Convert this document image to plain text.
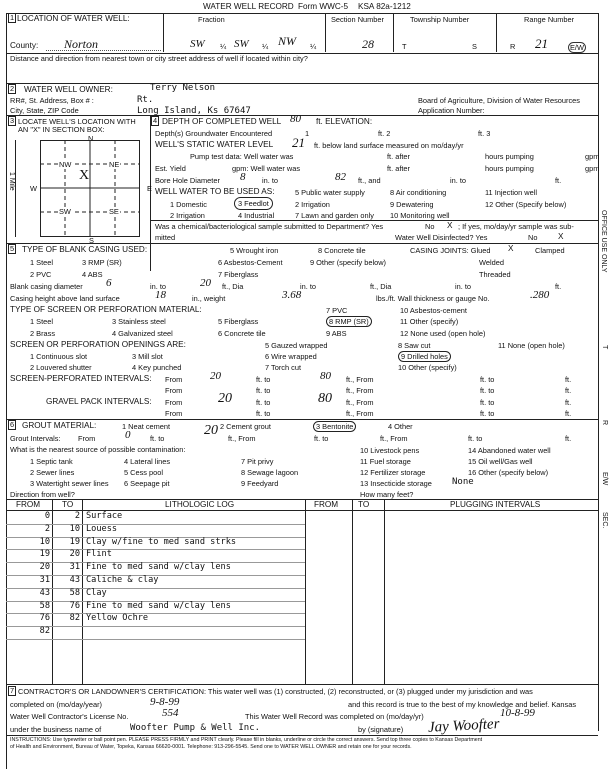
WATER WELL RECORD Form WWC-5 KSA 82a-1212
1 LOCATION OF WATER WELL:
County: Norton
Fraction
SW ¼ SW ¼ NW ¼
Section Number
28
Township Number
T	S
Range Number
R 21	E/W
Distance and direction from nearest town or city street address of well if located within city?
2 WATER WELL OWNER:	Terry Nelson
RR#, St. Address, Box # :	Rt.
City, State, ZIP Code	Long Island, Ks 67647
Board of Agriculture, Division of Water Resources
Application Number:
3 LOCATE WELL'S LOCATION WITH
AN "X" IN SECTION BOX:
N
S
W	E
NW	NE
SW	SE
X
1 Mile
4 DEPTH OF COMPLETED WELL 80 ft. ELEVATION:
Depth(s) Groundwater Encountered	1	ft. 2	ft. 3
WELL'S STATIC WATER LEVEL 21 ft. below land surface measured on mo/day/yr
Pump test data: Well water was	ft. after	hours pumping	gpm
Est. Yield	gpm: Well water was	ft. after	hours pumping	gpm
Bore Hole Diameter 8 in. to	82 ft., and	in. to	ft.
WELL WATER TO BE USED AS:	5 Public water supply	8 Air conditioning	11 Injection well
1 Domestic	3 Feedlot	2 Irrigation	9 Dewatering	12 Other (Specify below)
2 Irrigation	4 Industrial	7 Lawn and garden only 10 Monitoring well
Was a chemical/bacteriological sample submitted to Department? Yes	No X ; If yes, mo/day/yr sample was sub-
mitted	Water Well Disinfected? Yes	No	X
5 TYPE OF BLANK CASING USED:	5 Wrought iron	8 Concrete tile	CASING JOINTS: Glued X	Clamped
1 Steel	3 RMP (SR)	6 Asbestos-Cement	9 Other (specify below)	Welded
2 PVC	4 ABS	7 Fiberglass	Threaded
Blank casing diameter 6	in. to	20 ft., Dia	in. to	ft., Dia	in. to	ft.
Casing height above land surface	18	in., weight	3.68	lbs./ft. Wall thickness or gauge No.	.280
TYPE OF SCREEN OR PERFORATION MATERIAL:	7 PVC	10 Asbestos-cement
1 Steel	3 Stainless steel	5 Fiberglass	8 RMP (SR)	11 Other (specify)
2 Brass	4 Galvanized steel	6 Concrete tile	9 ABS	12 None used (open hole)
SCREEN OR PERFORATION OPENINGS ARE:	5 Gauzed wrapped	8 Saw cut	11 None (open hole)
1 Continuous slot	3 Mill slot	6 Wire wrapped	9 Drilled holes
2 Louvered shutter	4 Key punched	7 Torch cut	10 Other (specify)
SCREEN-PERFORATED INTERVALS: From	20	ft. to	80 ft., From	ft. to	ft.
From	ft. to	ft., From	ft. to	ft.
GRAVEL PACK INTERVALS: From	20	ft. to	80 ft., From	ft. to	ft.
From	ft. to	ft., From	ft. to	ft.
6 GROUT MATERIAL:	1 Neat cement	2 Cement grout	3 Bentonite	4 Other
Grout Intervals: From	0	ft. to
20
ft., From	ft. to	ft., From	ft. to	ft.
What is the nearest source of possible contamination:
1 Septic tank	4 Lateral lines	7 Pit privy
10 Livestock pens	14 Abandoned water well
2 Sewer lines	5 Cess pool	8 Sewage lagoon
11 Fuel storage	15 Oil well/Gas well
3 Watertight sewer lines 6 Seepage pit	9 Feedyard
12 Fertilizer storage	16 Other (specify below)
13 Insecticide storage None
Direction from well?	How many feet?
FROM	TO	LITHOLOGIC LOG	FROM TO	PLUGGING INTERVALS
0	2 Surface
2	10 Louess
10	19 Clay w/fine to med sand strks
19	20 Flint
20	31 Fine to med sand w/clay lens
31	43 Caliche & clay
43	58 Clay
58	76 Fine to med sand w/clay lens
76	82 Yellow Ochre
82
7 CONTRACTOR'S OR LANDOWNER'S CERTIFICATION: This water well was (1) constructed, (2) reconstructed, or (3) plugged under my jurisdiction and was
completed on (mo/day/year)	9-8-99	and this record is true to the best of my knowledge and belief. Kansas
Water Well Contractor's License No.	554	This Water Well Record was completed on (mo/day/yr)	10-8-99
under the business name of	Woofter Pump & Well Inc.	by (signature) Jay Woofter
INSTRUCTIONS: Use typewriter or ball point pen. PLEASE PRESS FIRMLY and PRINT clearly. Please fill in blanks, underline or circle the correct answers. Send top three copies to Kansas Department
of Health and Environment, Bureau of Water, Topeka, Kansas 66620-0001. Telephone: 913-296-5545. Send one to WATER WELL OWNER and retain one for your records.
OFFICE USE ONLY
T
R
E/W
SEC.
